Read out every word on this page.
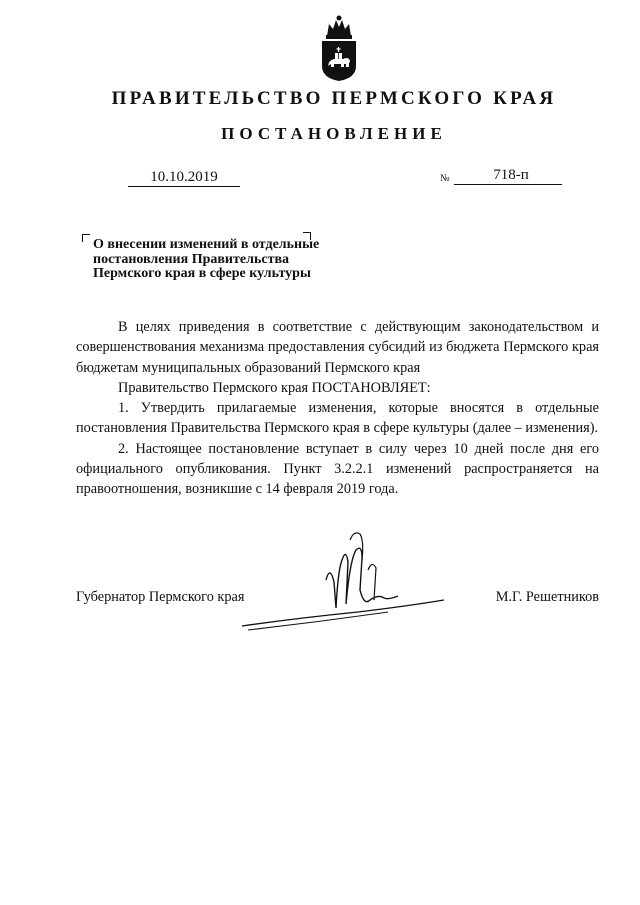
ПРАВИТЕЛЬСТВО ПЕРМСКОГО КРАЯ
ПОСТАНОВЛЕНИЕ
10.10.2019	№	718-п
О внесении изменений в отдельные
постановления Правительства
Пермского края в сфере культуры

В целях приведения в соответствие с действующим законодательством и совершенствования механизма предоставления субсидий из бюджета Пермского края бюджетам муниципальных образований Пермского края

Правительство Пермского края ПОСТАНОВЛЯЕТ:

1. Утвердить прилагаемые изменения, которые вносятся в отдельные постановления Правительства Пермского края в сфере культуры (далее – изменения).

2. Настоящее постановление вступает в силу через 10 дней после дня его официального опубликования. Пункт 3.2.2.1 изменений распространяется на правоотношения, возникшие с 14 февраля 2019 года.

Губернатор Пермского края	М.Г. Решетников
